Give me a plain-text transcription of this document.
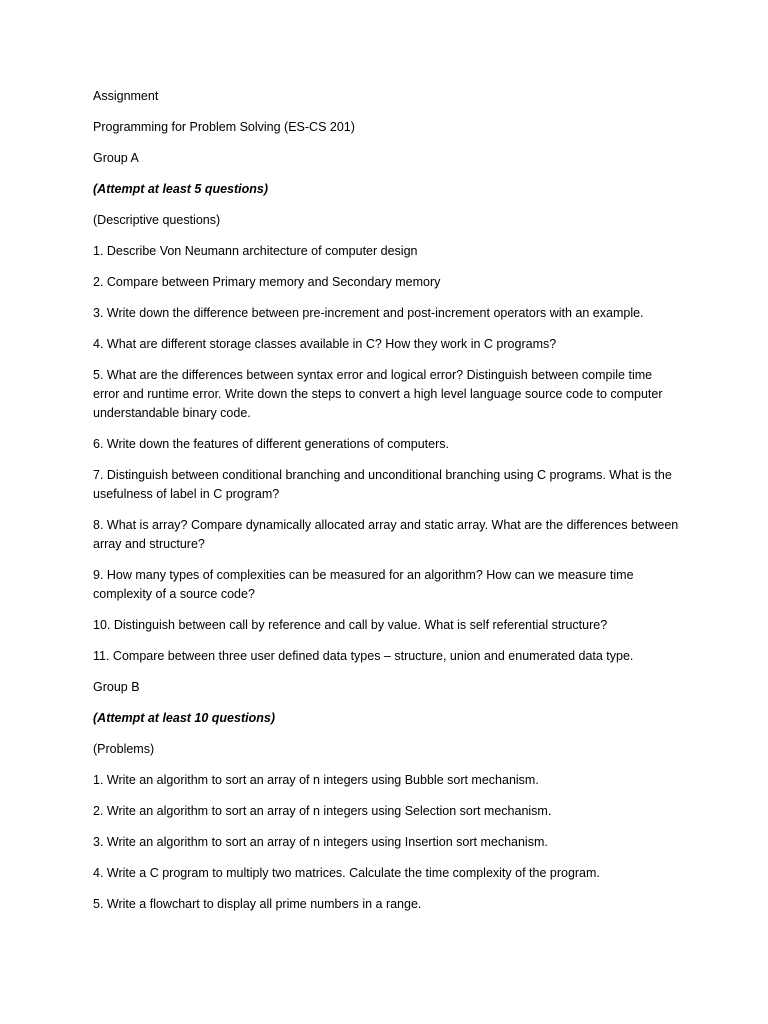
Assignment

Programming for Problem Solving (ES-CS 201)

Group A

(Attempt at least 5 questions)

(Descriptive questions)

1. Describe Von Neumann architecture of computer design

2. Compare between Primary memory and Secondary memory

3. Write down the difference between pre-increment and post-increment operators with an example.

4. What are different storage classes available in C? How they work in C programs?

5. What are the differences between syntax error and logical error? Distinguish between compile time error and runtime error. Write down the steps to convert a high level language source code to computer understandable binary code.

6. Write down the features of different generations of computers.

7. Distinguish between conditional branching and unconditional branching using C programs. What is the usefulness of label in C program?

8. What is array? Compare dynamically allocated array and static array. What are the differences between array and structure?

9. How many types of complexities can be measured for an algorithm? How can we measure time complexity of a source code?

10. Distinguish between call by reference and call by value. What is self referential structure?

11. Compare between three user defined data types – structure, union and enumerated data type.

Group B

(Attempt at least 10 questions)

(Problems)

1. Write an algorithm to sort an array of n integers using Bubble sort mechanism.

2. Write an algorithm to sort an array of n integers using Selection sort mechanism.

3. Write an algorithm to sort an array of n integers using Insertion sort mechanism.

4. Write a C program to multiply two matrices. Calculate the time complexity of the program.

5. Write a flowchart to display all prime numbers in a range.
